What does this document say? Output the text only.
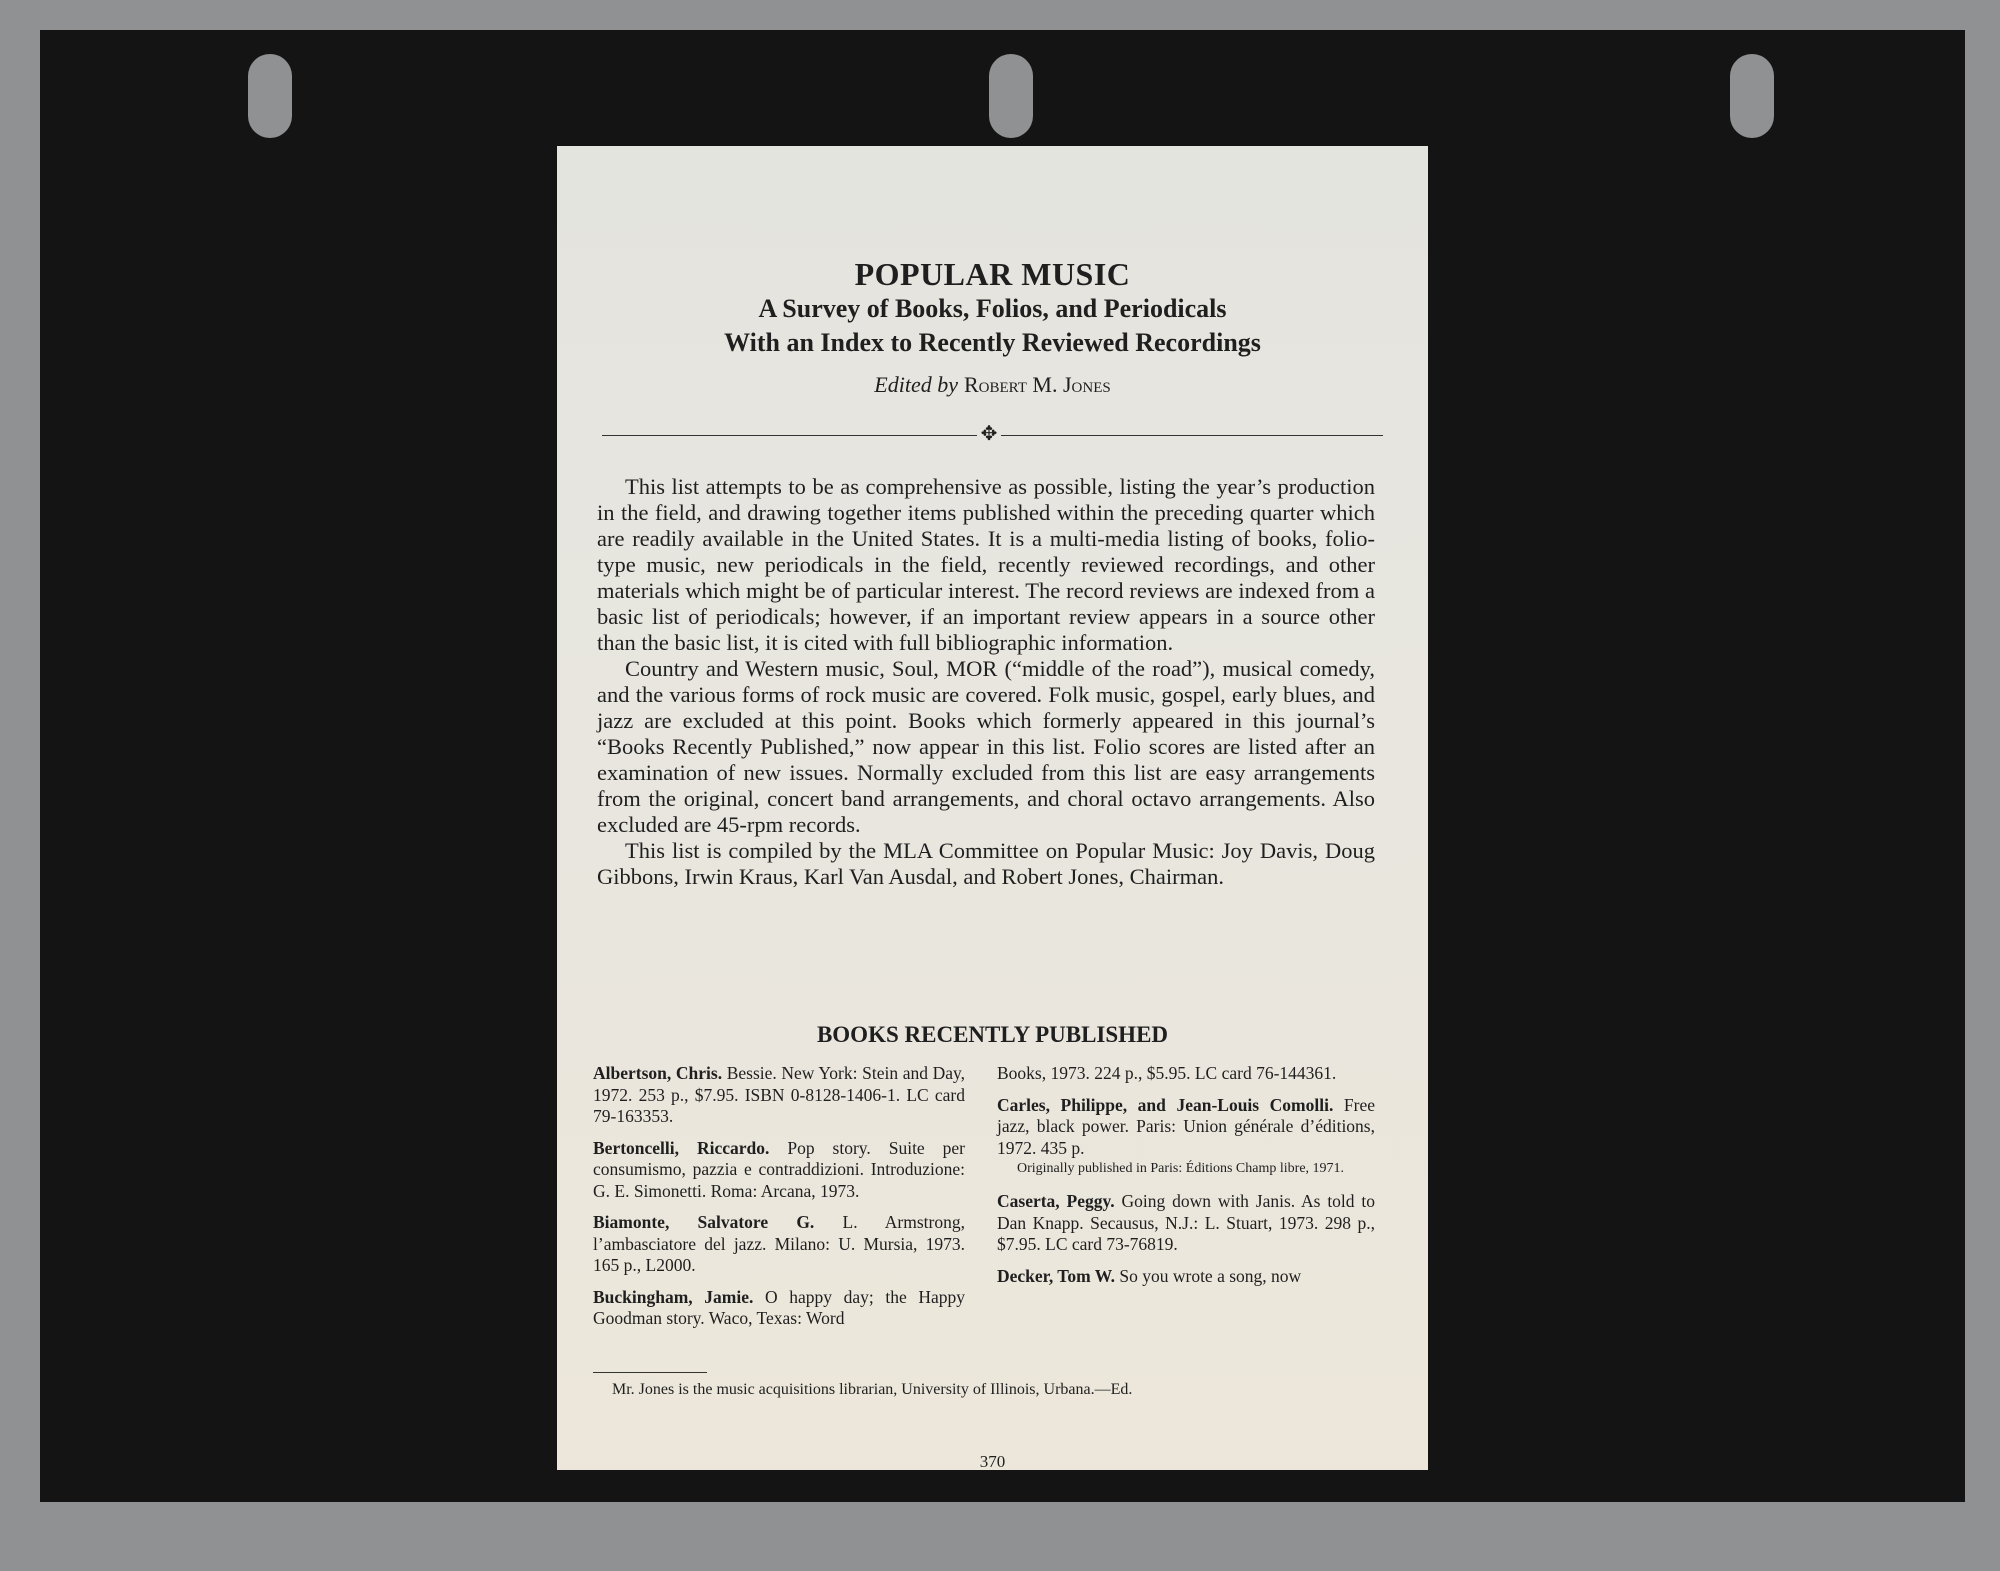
POPULAR MUSIC
A Survey of Books, Folios, and Periodicals
With an Index to Recently Reviewed Recordings
Edited by Robert M. Jones
✥

This list attempts to be as comprehensive as possible, listing the year’s production in the field, and drawing together items published within the preceding quarter which are readily available in the United States. It is a multi-media listing of books, folio-type music, new periodicals in the field, recently reviewed recordings, and other materials which might be of particular interest. The record reviews are indexed from a basic list of periodicals; however, if an important review appears in a source other than the basic list, it is cited with full bibliographic information.

Country and Western music, Soul, MOR (“middle of the road”), musical comedy, and the various forms of rock music are covered. Folk music, gospel, early blues, and jazz are excluded at this point. Books which formerly appeared in this journal’s “Books Recently Published,” now appear in this list. Folio scores are listed after an examination of new issues. Normally excluded from this list are easy arrangements from the original, concert band arrangements, and choral octavo arrangements. Also excluded are 45-rpm records.

This list is compiled by the MLA Committee on Popular Music: Joy Davis, Doug Gibbons, Irwin Kraus, Karl Van Ausdal, and Robert Jones, Chairman.

BOOKS RECENTLY PUBLISHED

Albertson, Chris. Bessie. New York: Stein and Day, 1972. 253 p., $7.95. ISBN 0-8128-1406-1. LC card 79-163353.

Bertoncelli, Riccardo. Pop story. Suite per consumismo, pazzia e contraddizioni. Introduzione: G. E. Simonetti. Roma: Arcana, 1973.

Biamonte, Salvatore G. L. Armstrong, l’ambasciatore del jazz. Milano: U. Mursia, 1973. 165 p., L2000.

Buckingham, Jamie. O happy day; the Happy Goodman story. Waco, Texas: Word

Books, 1973. 224 p., $5.95. LC card 76-144361.

Carles, Philippe, and Jean-Louis Comolli. Free jazz, black power. Paris: Union générale d’éditions, 1972. 435 p.

Originally published in Paris: Éditions Champ libre, 1971.

Caserta, Peggy. Going down with Janis. As told to Dan Knapp. Secausus, N.J.: L. Stuart, 1973. 298 p., $7.95. LC card 73-76819.

Decker, Tom W. So you wrote a song, now

Mr. Jones is the music acquisitions librarian, University of Illinois, Urbana.—Ed.
370
